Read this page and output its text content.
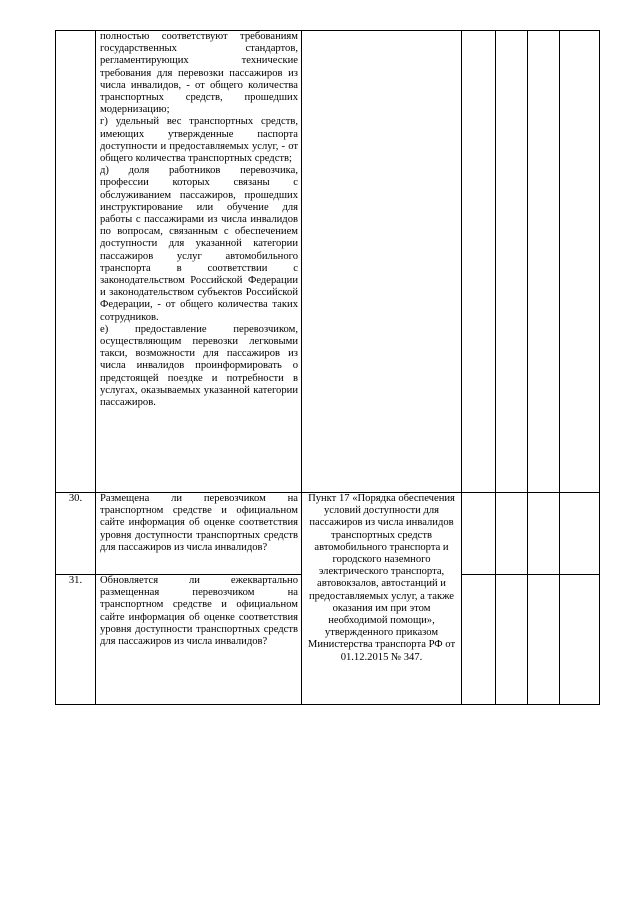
	полностью соответствуют требованиям государственных стандартов, регламентирующих технические требования для перевозки пассажиров из числа инвалидов, - от общего количества транспортных средств, прошедших модернизацию;

г) удельный вес транспортных средств, имеющих утвержденные паспорта доступности и предоставляемых услуг, - от общего количества транспортных средств;

д) доля работников перевозчика, профессии которых связаны с обслуживанием пассажиров, прошедших инструктирование или обучение для работы с пассажирами из числа инвалидов по вопросам, связанным с обеспечением доступности для указанной категории пассажиров услуг автомобильного транспорта в соответствии с законодательством Российской Федерации и законодательством субъектов Российской Федерации, - от общего количества таких сотрудников.

е) предоставление перевозчиком, осуществляющим перевозки легковыми такси, возможности для пассажиров из числа инвалидов проинформировать о предстоящей поездке и потребности в услугах, оказываемых указанной категории пассажиров.					

30.	Размещена ли перевозчиком на транспортном средстве и официальном сайте информация об оценке соответствия уровня доступности транспортных средств для пассажиров из числа инвалидов?	Пункт 17 «Порядка обеспечения условий доступности для пассажиров из числа инвалидов транспортных средств автомобильного транспорта и городского наземного электрического транспорта, автовокзалов, автостанций и предоставляемых услуг, а также оказания им при этом необходимой помощи», утвержденного приказом Министерства транспорта РФ от 01.12.2015 № 347.				
31.	Обновляется ли ежеквартально размещенная перевозчиком на транспортном средстве и официальном сайте информация об оценке соответствия уровня доступности транспортных средств для пассажиров из числа инвалидов?					
